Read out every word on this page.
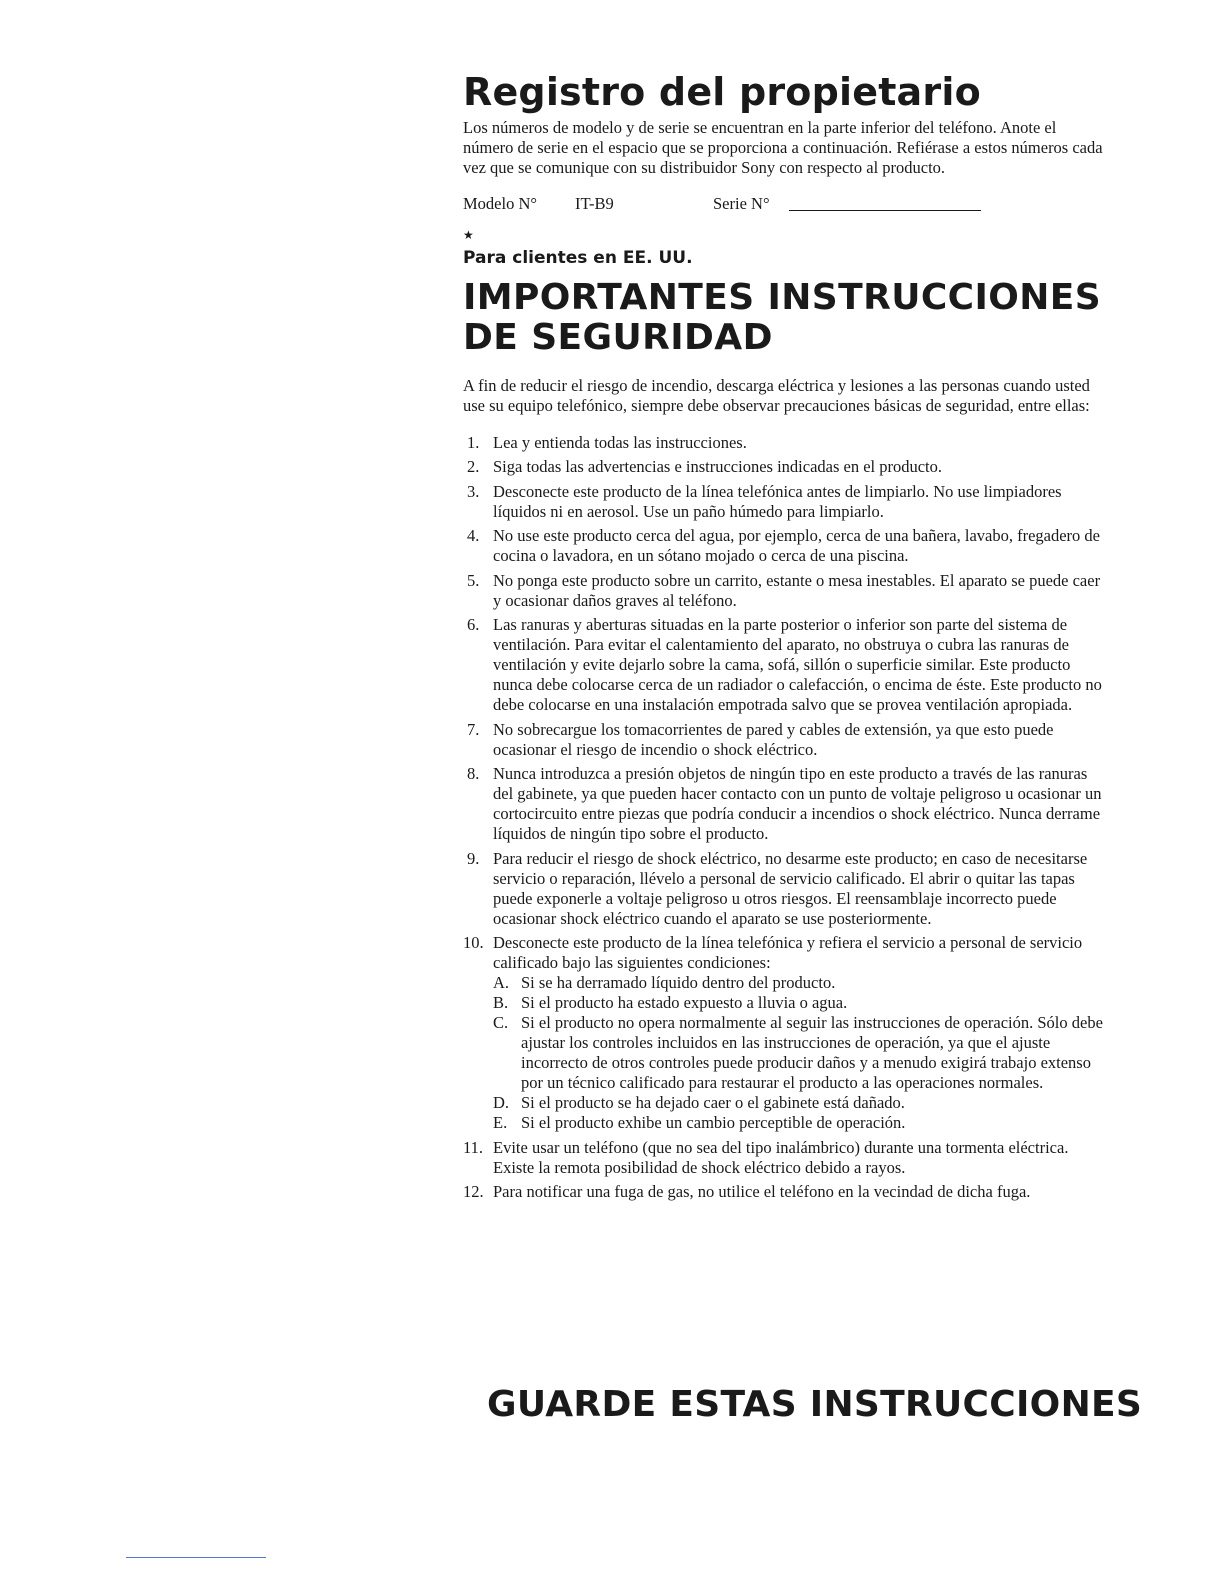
Registro del propietario

Los números de modelo y de serie se encuentran en la parte inferior del teléfono. Anote el número de serie en el espacio que se proporciona a continuación. Refiérase a estos números cada vez que se comunique con su distribuidor Sony con respecto al producto.

Modelo N° IT-B9	Serie N°
★
Para clientes en EE. UU.
IMPORTANTES INSTRUCCIONES
DE SEGURIDAD

A fin de reducir el riesgo de incendio, descarga eléctrica y lesiones a las personas cuando usted use su equipo telefónico, siempre debe observar precauciones básicas de seguridad, entre ellas:

1. Lea y entienda todas las instrucciones.
2. Siga todas las advertencias e instrucciones indicadas en el producto.
3. Desconecte este producto de la línea telefónica antes de limpiarlo. No use limpiadores líquidos ni en aerosol. Use un paño húmedo para limpiarlo.
4. No use este producto cerca del agua, por ejemplo, cerca de una bañera, lavabo, fregadero de cocina o lavadora, en un sótano mojado o cerca de una piscina.
5. No ponga este producto sobre un carrito, estante o mesa inestables. El aparato se puede caer y ocasionar daños graves al teléfono.
6. Las ranuras y aberturas situadas en la parte posterior o inferior son parte del sistema de ventilación. Para evitar el calentamiento del aparato, no obstruya o cubra las ranuras de ventilación y evite dejarlo sobre la cama, sofá, sillón o superficie similar. Este producto nunca debe colocarse cerca de un radiador o calefacción, o encima de éste. Este producto no debe colocarse en una instalación empotrada salvo que se provea ventilación apropiada.
7. No sobrecargue los tomacorrientes de pared y cables de extensión, ya que esto puede ocasionar el riesgo de incendio o shock eléctrico.
8. Nunca introduzca a presión objetos de ningún tipo en este producto a través de las ranuras del gabinete, ya que pueden hacer contacto con un punto de voltaje peligroso u ocasionar un cortocircuito entre piezas que podría conducir a incendios o shock eléctrico. Nunca derrame líquidos de ningún tipo sobre el producto.
9. Para reducir el riesgo de shock eléctrico, no desarme este producto; en caso de necesitarse servicio o reparación, llévelo a personal de servicio calificado. El abrir o quitar las tapas puede exponerle a voltaje peligroso u otros riesgos. El reensamblaje incorrecto puede ocasionar shock eléctrico cuando el aparato se use posteriormente.
10. Desconecte este producto de la línea telefónica y refiera el servicio a personal de servicio calificado bajo las siguientes condiciones:
A. Si se ha derramado líquido dentro del producto.
B. Si el producto ha estado expuesto a lluvia o agua.
C. Si el producto no opera normalmente al seguir las instrucciones de operación. Sólo debe ajustar los controles incluidos en las instrucciones de operación, ya que el ajuste incorrecto de otros controles puede producir daños y a menudo exigirá trabajo extenso por un técnico calificado para restaurar el producto a las operaciones normales.
D. Si el producto se ha dejado caer o el gabinete está dañado.
E. Si el producto exhibe un cambio perceptible de operación.
11. Evite usar un teléfono (que no sea del tipo inalámbrico) durante una tormenta eléctrica. Existe la remota posibilidad de shock eléctrico debido a rayos.
12. Para notificar una fuga de gas, no utilice el teléfono en la vecindad de dicha fuga.
GUARDE ESTAS INSTRUCCIONES
